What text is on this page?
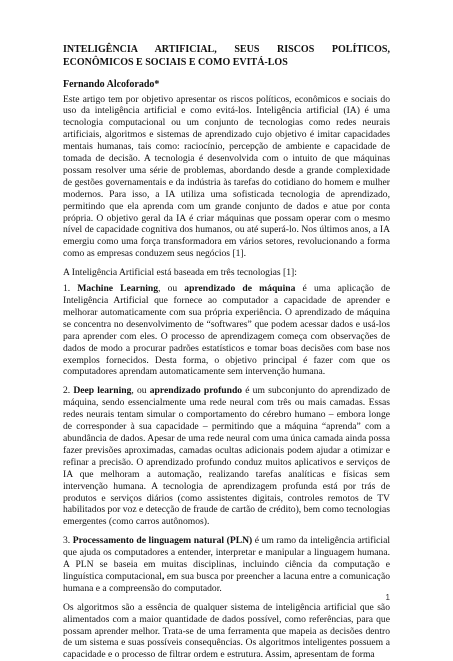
INTELIGÊNCIA ARTIFICIAL, SEUS RISCOS POLÍTICOS, ECONÔMICOS E SOCIAIS E COMO EVITÁ-LOS
Fernando Alcoforado*

Este artigo tem por objetivo apresentar os riscos políticos, econômicos e sociais do uso da inteligência artificial e como evitá-los. Inteligência artificial (IA) é uma tecnologia computacional ou um conjunto de tecnologias como redes neurais artificiais, algoritmos e sistemas de aprendizado cujo objetivo é imitar capacidades mentais humanas, tais como: raciocínio, percepção de ambiente e capacidade de tomada de decisão. A tecnologia é desenvolvida com o intuito de que máquinas possam resolver uma série de problemas, abordando desde a grande complexidade de gestões governamentais e da indústria às tarefas do cotidiano do homem e mulher modernos. Para isso, a IA utiliza uma sofisticada tecnologia de aprendizado, permitindo que ela aprenda com um grande conjunto de dados e atue por conta própria. O objetivo geral da IA é criar máquinas que possam operar com o mesmo nível de capacidade cognitiva dos humanos, ou até superá-lo. Nos últimos anos, a IA emergiu como uma força transformadora em vários setores, revolucionando a forma como as empresas conduzem seus negócios [1].

A Inteligência Artificial está baseada em três tecnologias [1]:

1. Machine Learning, ou aprendizado de máquina é uma aplicação de Inteligência Artificial que fornece ao computador a capacidade de aprender e melhorar automaticamente com sua própria experiência. O aprendizado de máquina se concentra no desenvolvimento de “softwares” que podem acessar dados e usá-los para aprender com eles. O processo de aprendizagem começa com observações de dados de modo a procurar padrões estatísticos e tomar boas decisões com base nos exemplos fornecidos. Desta forma, o objetivo principal é fazer com que os computadores aprendam automaticamente sem intervenção humana.

2. Deep learning, ou aprendizado profundo é um subconjunto do aprendizado de máquina, sendo essencialmente uma rede neural com três ou mais camadas. Essas redes neurais tentam simular o comportamento do cérebro humano – embora longe de corresponder à sua capacidade – permitindo que a máquina “aprenda” com a abundância de dados. Apesar de uma rede neural com uma única camada ainda possa fazer previsões aproximadas, camadas ocultas adicionais podem ajudar a otimizar e refinar a precisão. O aprendizado profundo conduz muitos aplicativos e serviços de IA que melhoram a automação, realizando tarefas analíticas e físicas sem intervenção humana. A tecnologia de aprendizagem profunda está por trás de produtos e serviços diários (como assistentes digitais, controles remotos de TV habilitados por voz e detecção de fraude de cartão de crédito), bem como tecnologias emergentes (como carros autônomos).

3. Processamento de linguagem natural (PLN) é um ramo da inteligência artificial que ajuda os computadores a entender, interpretar e manipular a linguagem humana. A PLN se baseia em muitas disciplinas, incluindo ciência da computação e linguística computacional, em sua busca por preencher a lacuna entre a comunicação humana e a compreensão do computador.

Os algoritmos são a essência de qualquer sistema de inteligência artificial que são alimentados com a maior quantidade de dados possível, como referências, para que possam aprender melhor. Trata-se de uma ferramenta que mapeia as decisões dentro de um sistema e suas possíveis consequências. Os algoritmos inteligentes possuem a capacidade e o processo de filtrar ordem e estrutura. Assim, apresentam de forma

1
